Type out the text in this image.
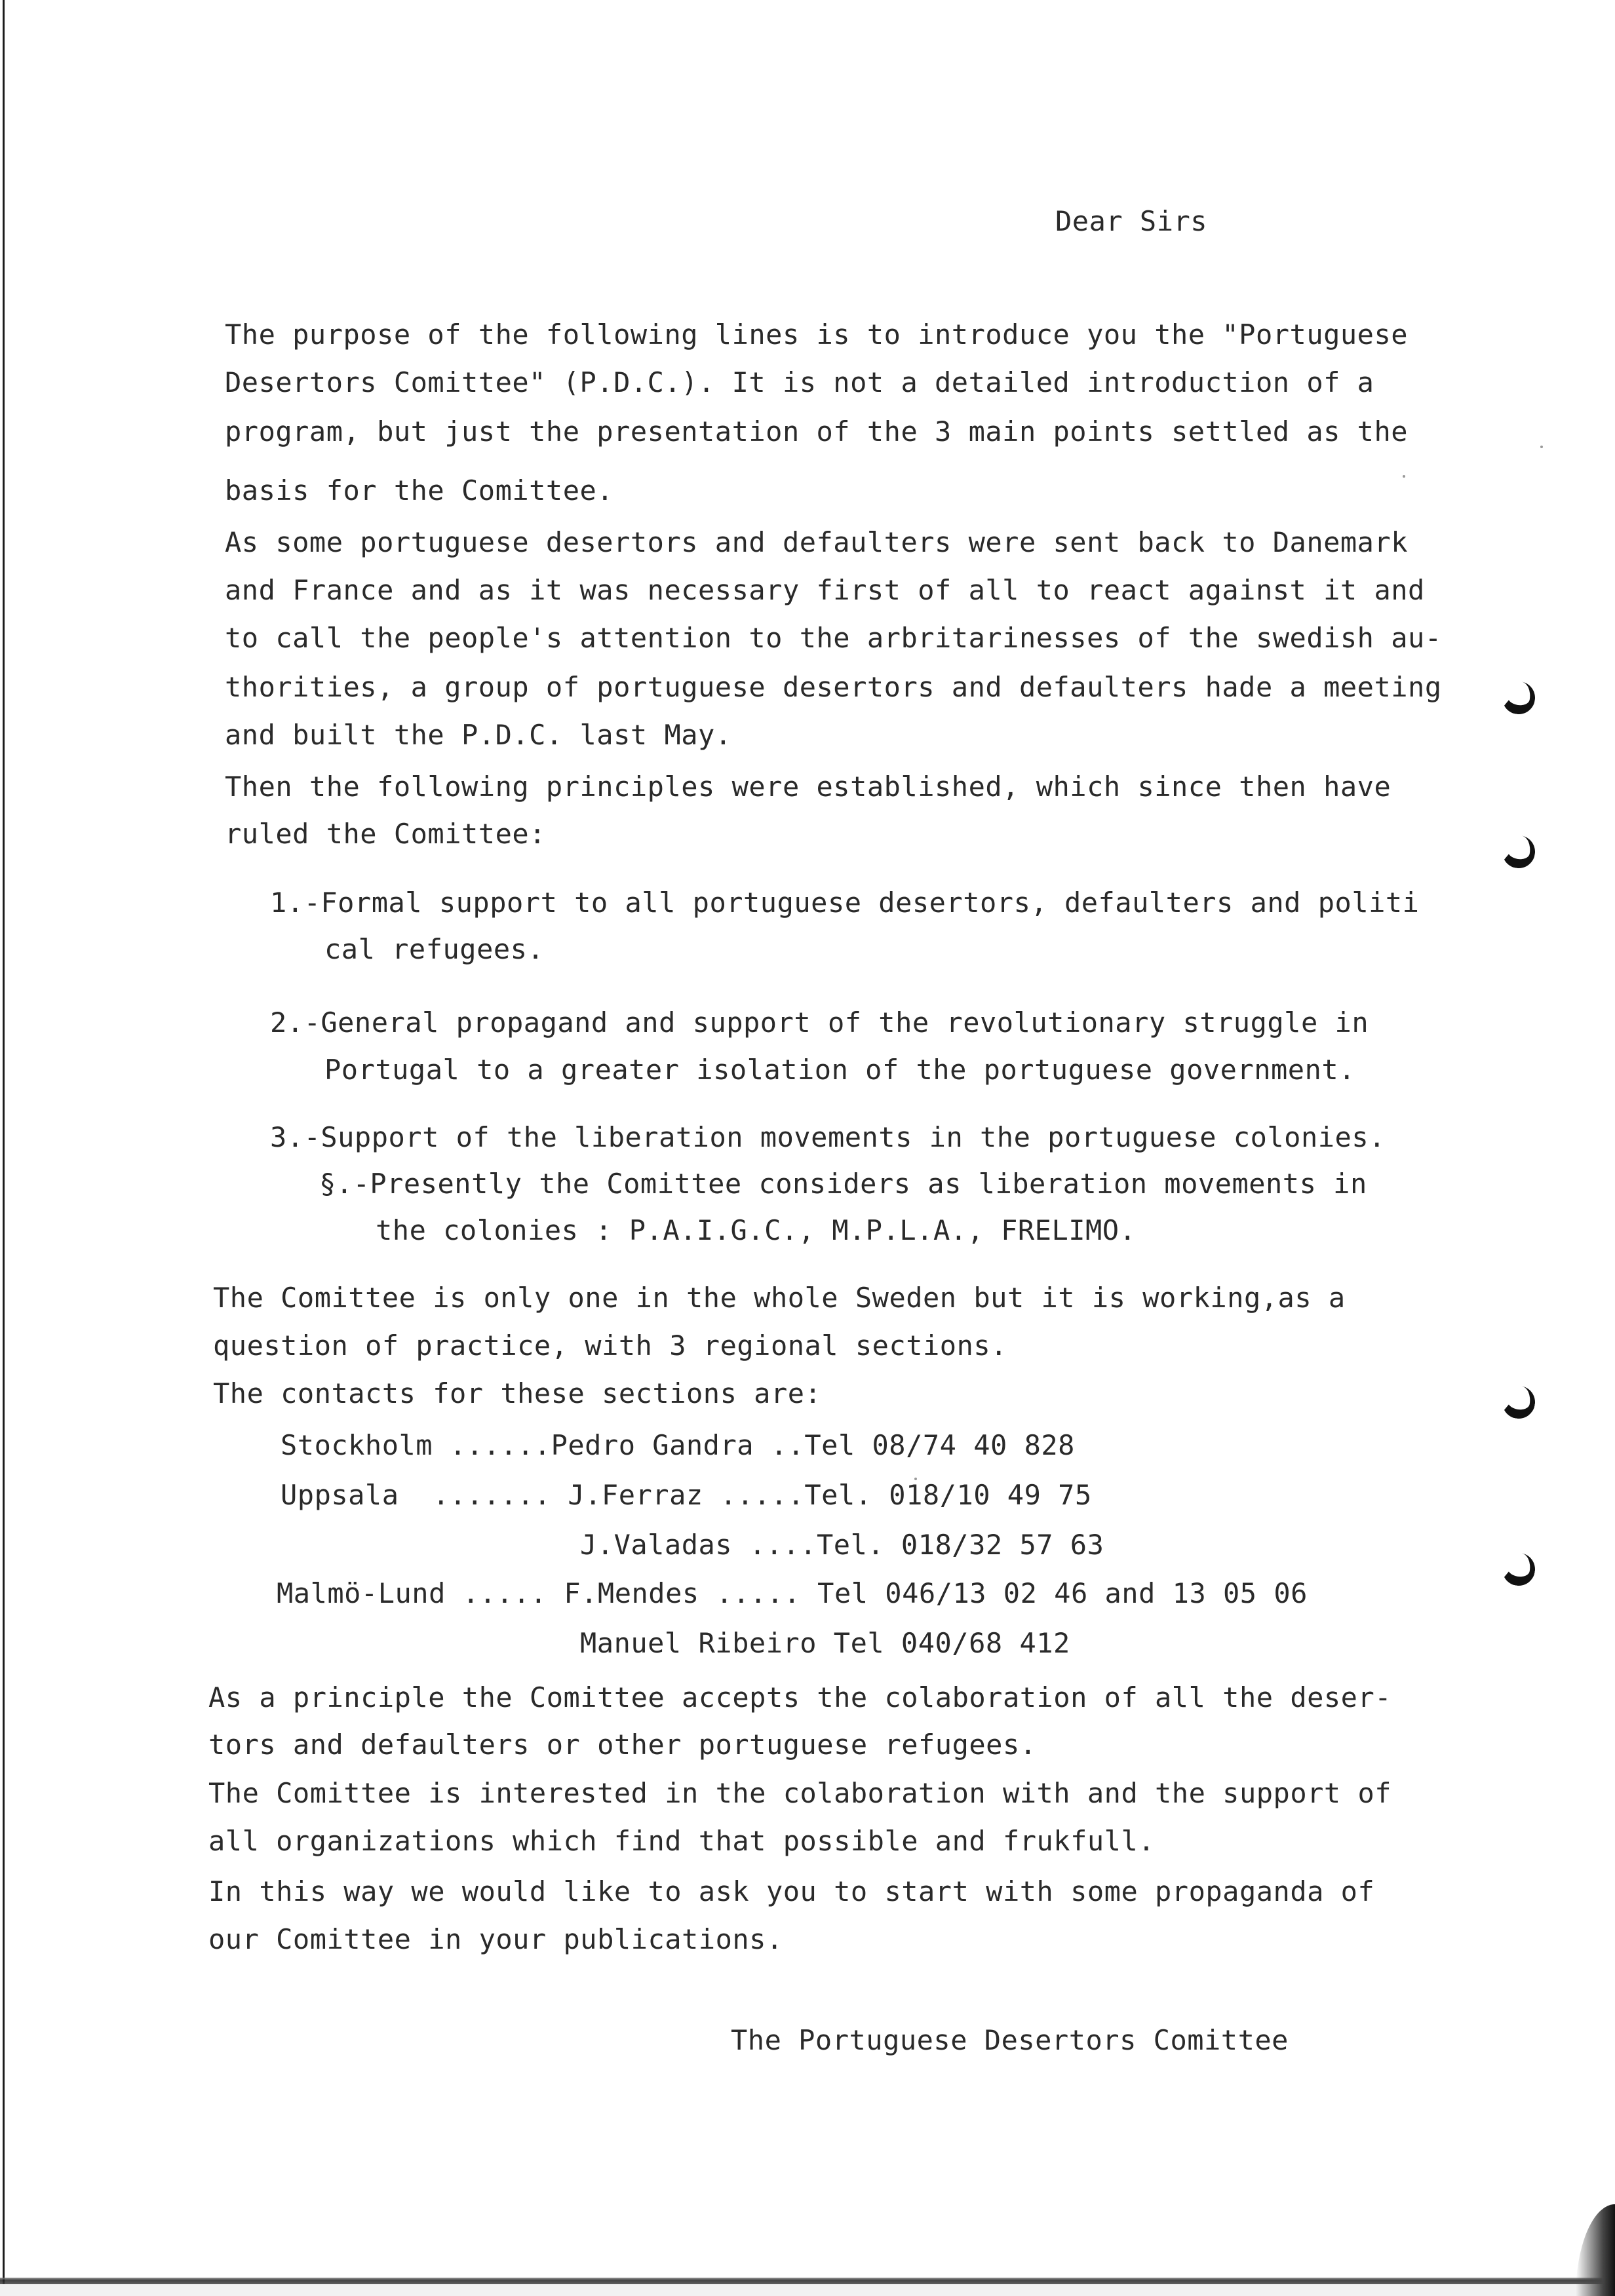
Dear Sirs
The purpose of the following lines is to introduce you the "Portuguese
Desertors Comittee" (P.D.C.). It is not a detailed introduction of a
program, but just the presentation of the 3 main points settled as the
basis for the Comittee.
As some portuguese desertors and defaulters were sent back to Danemark
and France and as it was necessary first of all to react against it and
to call the people's attention to the arbritarinesses of the swedish au-
thorities, a group of portuguese desertors and defaulters hade a meeting
and built the P.D.C. last May.
Then the following principles were established, which since then have
ruled the Comittee:
1.-Formal support to all portuguese desertors, defaulters and politi
cal refugees.
2.-General propagand and support of the revolutionary struggle in
Portugal to a greater isolation of the portuguese government.
3.-Support of the liberation movements in the portuguese colonies.
§.-Presently the Comittee considers as liberation movements in
the colonies : P.A.I.G.C., M.P.L.A., FRELIMO.
The Comittee is only one in the whole Sweden but it is working,as a
question of practice, with 3 regional sections.
The contacts for these sections are:
Stockholm ......Pedro Gandra ..Tel 08/74 40 828
Uppsala  ....... J.Ferraz .....Tel. 018/10 49 75
J.Valadas ....Tel. 018/32 57 63
Malmö-Lund ..... F.Mendes ..... Tel 046/13 02 46 and 13 05 06
Manuel Ribeiro Tel 040/68 412
As a principle the Comittee accepts the colaboration of all the deser-
tors and defaulters or other portuguese refugees.
The Comittee is interested in the colaboration with and the support of
all organizations which find that possible and frukfull.
In this way we would like to ask you to start with some propaganda of
our Comittee in your publications.
The Portuguese Desertors Comittee
